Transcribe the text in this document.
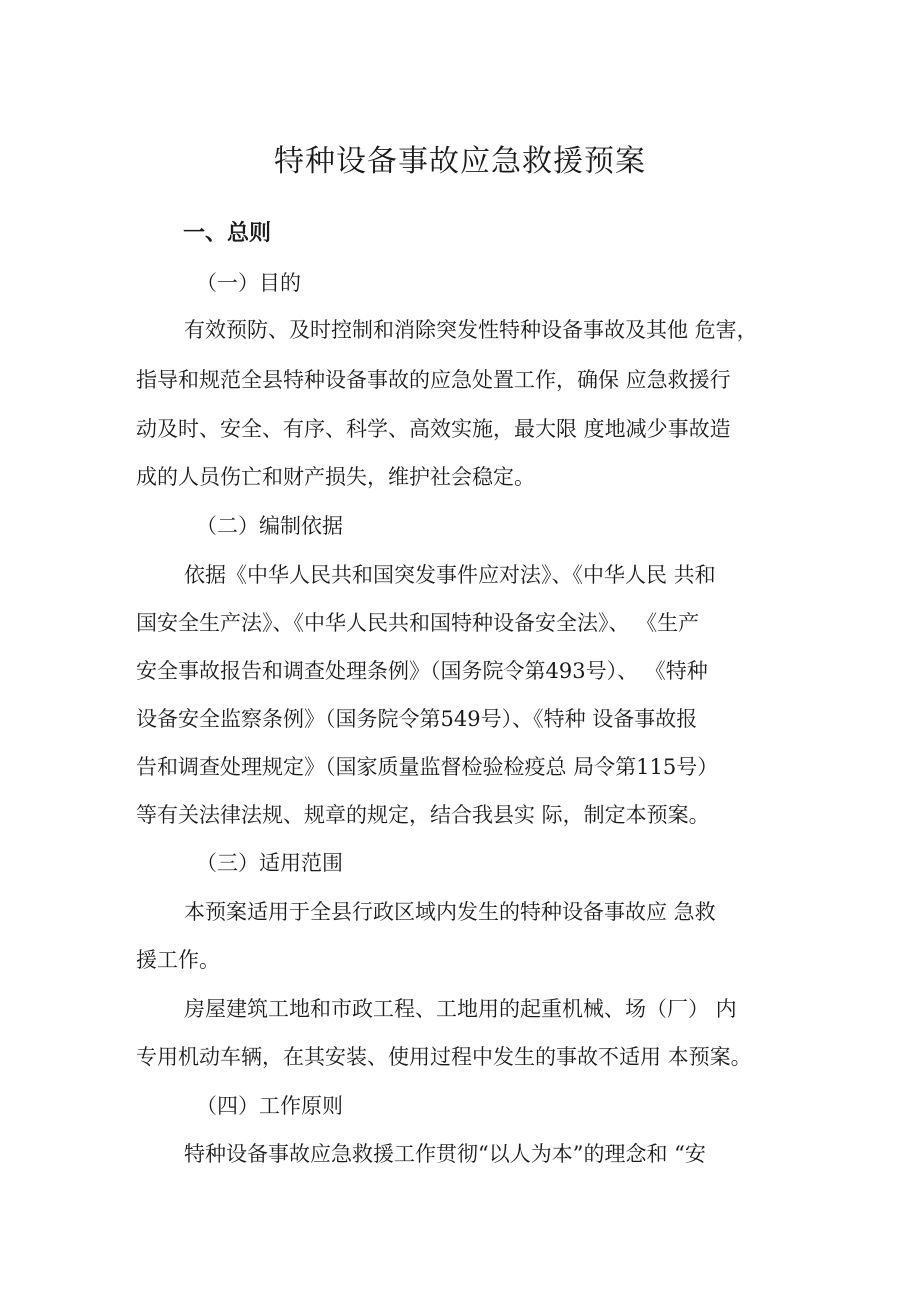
特种设备事故应急救援预案
一、总则
（一）目的
有效预防、及时控制和消除突发性特种设备事故及其他 危害，
指导和规范全县特种设备事故的应急处置工作，确保 应急救援行
动及时、安全、有序、科学、高效实施，最大限 度地减少事故造
成的人员伤亡和财产损失，维护社会稳定。
（二）编制依据
依据《中华人民共和国突发事件应对法》、《中华人民 共和
国安全生产法》、《中华人民共和国特种设备安全法》、 《生产
安全事故报告和调查处理条例》（国务院令第493号）、 《特种
设备安全监察条例》（国务院令第549号）、《特种 设备事故报
告和调查处理规定》（国家质量监督检验检疫总 局令第115号）
等有关法律法规、规章的规定，结合我县实 际，制定本预案。
（三）适用范围
本预案适用于全县行政区域内发生的特种设备事故应 急救
援工作。
房屋建筑工地和市政工程、工地用的起重机械、场（厂） 内
专用机动车辆，在其安装、使用过程中发生的事故不适用 本预案。
（四）工作原则
特种设备事故应急救援工作贯彻“以人为本”的理念和 “安
